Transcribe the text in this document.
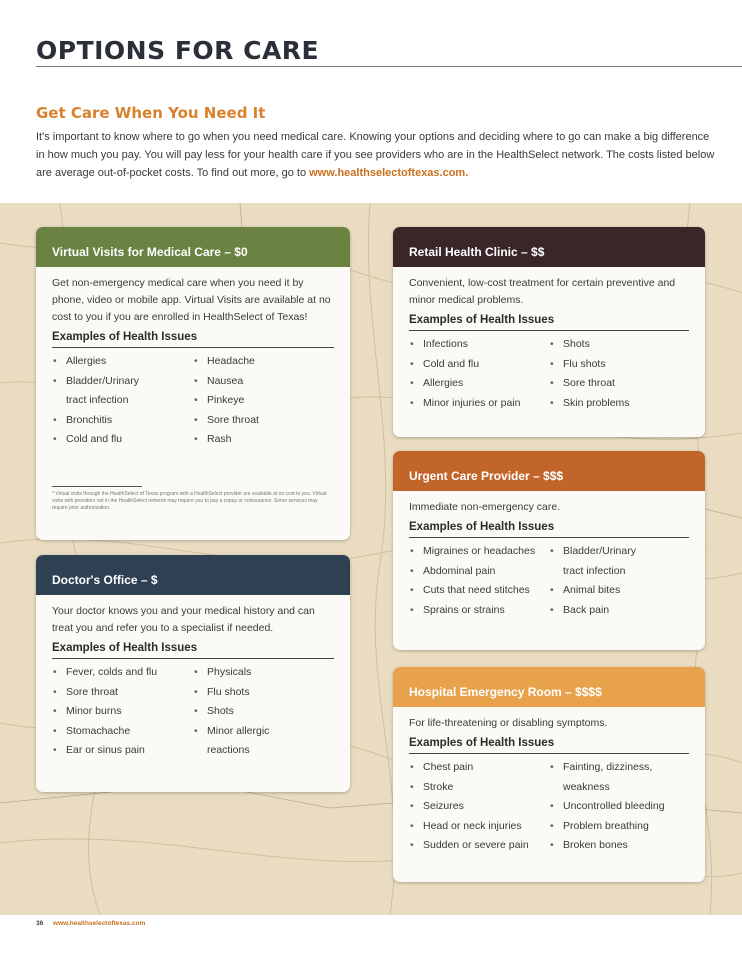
OPTIONS FOR CARE
Get Care When You Need It
It's important to know where to go when you need medical care. Knowing your options and deciding where to go can make a big difference in how much you pay. You will pay less for your health care if you see providers who are in the HealthSelect network. The costs listed below are average out-of-pocket costs. To find out more, go to www.healthselectoftexas.com.
Virtual Visits for Medical Care – $0
Get non-emergency medical care when you need it by phone, video or mobile app. Virtual Visits are available at no cost to you if you are enrolled in HealthSelect of Texas!
Examples of Health Issues
• Allergies
• Bladder/Urinary
tract infection
• Bronchitis
• Cold and flu
• Headache
• Nausea
• Pinkeye
• Sore throat
• Rash
* Virtual visits through the HealthSelect of Texas program with a HealthSelect provider are available at no cost to you. Virtual visits with providers not in the HealthSelect network may require you to pay a copay or coinsurance. Some services may require prior authorization.
Doctor's Office – $
Your doctor knows you and your medical history and can treat you and refer you to a specialist if needed.
Examples of Health Issues
• Fever, colds and flu
• Sore throat
• Minor burns
• Stomachache
• Ear or sinus pain
• Physicals
• Flu shots
• Shots
• Minor allergic
reactions
Retail Health Clinic – $$
Convenient, low-cost treatment for certain preventive and minor medical problems.
Examples of Health Issues
• Infections
• Cold and flu
• Allergies
• Minor injuries or pain
• Shots
• Flu shots
• Sore throat
• Skin problems
Urgent Care Provider – $$$
Immediate non-emergency care.
Examples of Health Issues
• Migraines or headaches
• Abdominal pain
• Cuts that need stitches
• Sprains or strains
• Bladder/Urinary
tract infection
• Animal bites
• Back pain
Hospital Emergency Room – $$$$
For life-threatening or disabling symptoms.
Examples of Health Issues
• Chest pain
• Stroke
• Seizures
• Head or neck injuries
• Sudden or severe pain
• Fainting, dizziness,
weakness
• Uncontrolled bleeding
• Problem breathing
• Broken bones
36 www.healthselectoftexas.com
